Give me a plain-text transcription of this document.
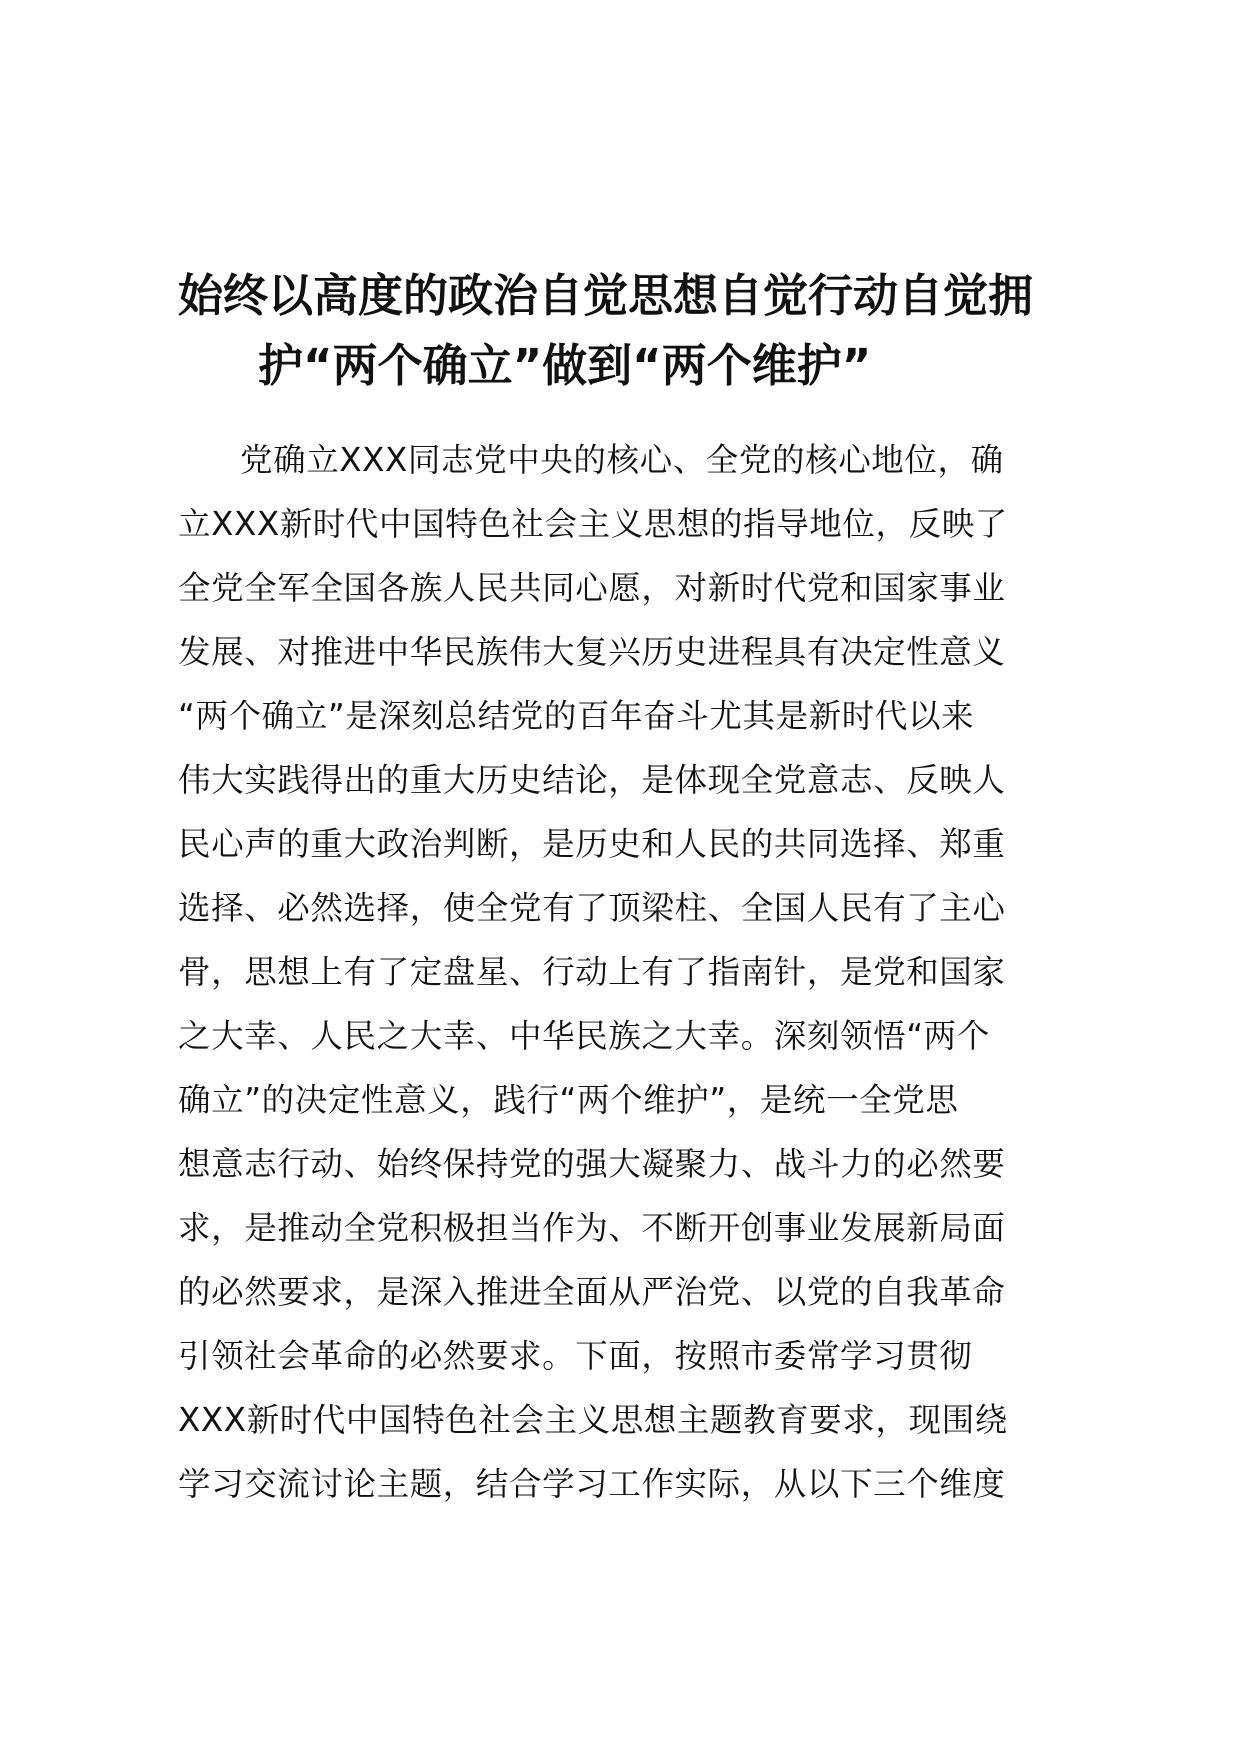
始终以高度的政治自觉思想自觉行动自觉拥
护“两个确立”做到“两个维护”
党确立XXX同志党中央的核心、全党的核心地位，确
立XXX新时代中国特色社会主义思想的指导地位，反映了
全党全军全国各族人民共同心愿，对新时代党和国家事业
发展、对推进中华民族伟大复兴历史进程具有决定性意义
“两个确立”是深刻总结党的百年奋斗尤其是新时代以来
伟大实践得出的重大历史结论，是体现全党意志、反映人
民心声的重大政治判断，是历史和人民的共同选择、郑重
选择、必然选择，使全党有了顶梁柱、全国人民有了主心
骨，思想上有了定盘星、行动上有了指南针，是党和国家
之大幸、人民之大幸、中华民族之大幸。深刻领悟“两个
确立”的决定性意义，践行“两个维护”，是统一全党思
想意志行动、始终保持党的强大凝聚力、战斗力的必然要
求，是推动全党积极担当作为、不断开创事业发展新局面
的必然要求，是深入推进全面从严治党、以党的自我革命
引领社会革命的必然要求。下面，按照市委常学习贯彻
XXX新时代中国特色社会主义思想主题教育要求，现围绕
学习交流讨论主题，结合学习工作实际，从以下三个维度
